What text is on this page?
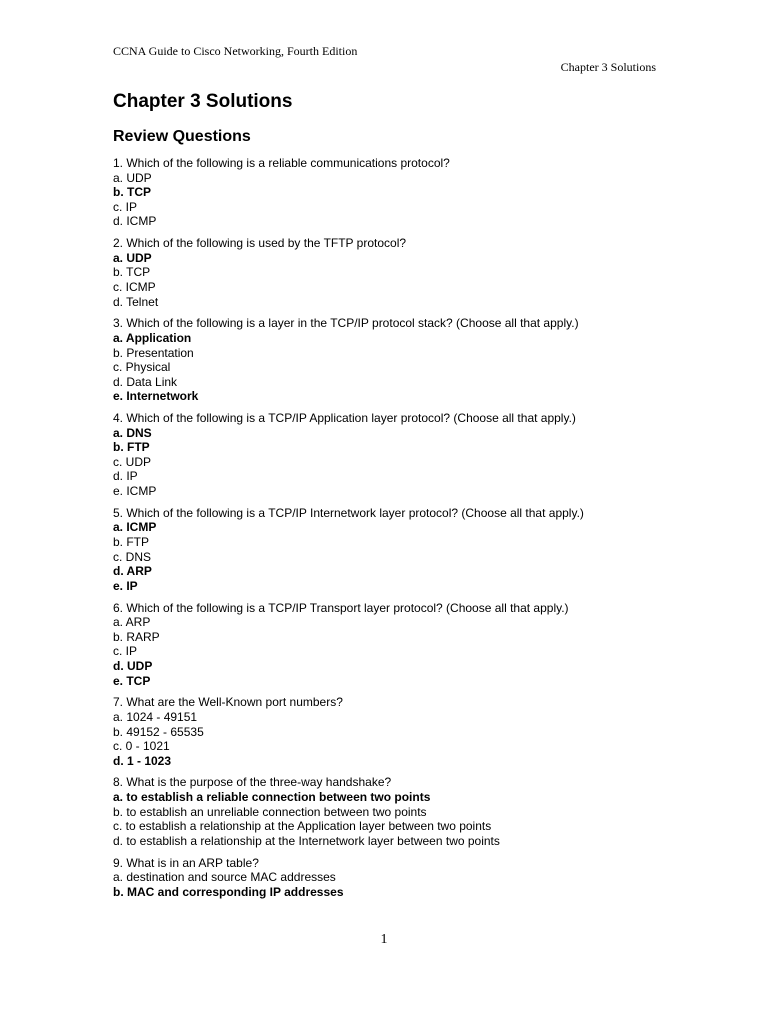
CCNA Guide to Cisco Networking, Fourth Edition
Chapter 3 Solutions
Chapter 3 Solutions
Review Questions
1. Which of the following is a reliable communications protocol?
a. UDP
b. TCP
c. IP
d. ICMP
2. Which of the following is used by the TFTP protocol?
a. UDP
b. TCP
c. ICMP
d. Telnet
3. Which of the following is a layer in the TCP/IP protocol stack? (Choose all that apply.)
a. Application
b. Presentation
c. Physical
d. Data Link
e. Internetwork
4. Which of the following is a TCP/IP Application layer protocol? (Choose all that apply.)
a. DNS
b. FTP
c. UDP
d. IP
e. ICMP
5. Which of the following is a TCP/IP Internetwork layer protocol? (Choose all that apply.)
a. ICMP
b. FTP
c. DNS
d. ARP
e. IP
6. Which of the following is a TCP/IP Transport layer protocol? (Choose all that apply.)
a. ARP
b. RARP
c. IP
d. UDP
e. TCP
7. What are the Well-Known port numbers?
a. 1024 - 49151
b. 49152 - 65535
c. 0 - 1021
d. 1 - 1023
8. What is the purpose of the three-way handshake?
a. to establish a reliable connection between two points
b. to establish an unreliable connection between two points
c. to establish a relationship at the Application layer between two points
d. to establish a relationship at the Internetwork layer between two points
9. What is in an ARP table?
a. destination and source MAC addresses
b. MAC and corresponding IP addresses
1
